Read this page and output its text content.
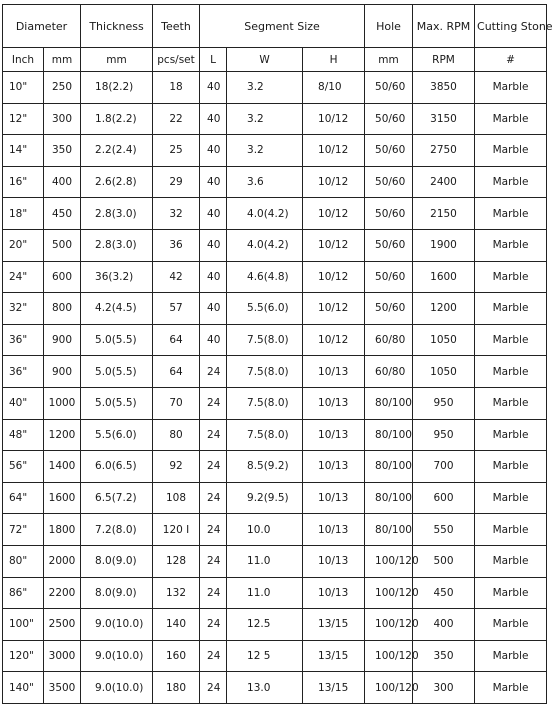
Diameter		Thickness	Teeth	Segment Size			Hole	Max. RPM	Cutting Stone
Inch	mm	mm	pcs/set	L	W	H	mm	RPM	#
10"	250	18(2.2)	18	40	3.2	8/10	50/60	3850	Marble
12"	300	1.8(2.2)	22	40	3.2	10/12	50/60	3150	Marble
14"	350	2.2(2.4)	25	40	3.2	10/12	50/60	2750	Marble
16"	400	2.6(2.8)	29	40	3.6	10/12	50/60	2400	Marble
18"	450	2.8(3.0)	32	40	4.0(4.2)	10/12	50/60	2150	Marble
20"	500	2.8(3.0)	36	40	4.0(4.2)	10/12	50/60	1900	Marble
24"	600	36(3.2)	42	40	4.6(4.8)	10/12	50/60	1600	Marble
32"	800	4.2(4.5)	57	40	5.5(6.0)	10/12	50/60	1200	Marble
36"	900	5.0(5.5)	64	40	7.5(8.0)	10/12	60/80	1050	Marble
36"	900	5.0(5.5)	64	24	7.5(8.0)	10/13	60/80	1050	Marble
40"	1000	5.0(5.5)	70	24	7.5(8.0)	10/13	80/100	950	Marble
48"	1200	5.5(6.0)	80	24	7.5(8.0)	10/13	80/100	950	Marble
56"	1400	6.0(6.5)	92	24	8.5(9.2)	10/13	80/100	700	Marble
64"	1600	6.5(7.2)	108	24	9.2(9.5)	10/13	80/100	600	Marble
72"	1800	7.2(8.0)	120 I	24	10.0	10/13	80/100	550	Marble
80"	2000	8.0(9.0)	128	24	11.0	10/13	100/120	500	Marble
86"	2200	8.0(9.0)	132	24	11.0	10/13	100/120	450	Marble
100"	2500	9.0(10.0)	140	24	12.5	13/15	100/120	400	Marble
120"	3000	9.0(10.0)	160	24	12 5	13/15	100/120	350	Marble
140"	3500	9.0(10.0)	180	24	13.0	13/15	100/120	300	Marble
